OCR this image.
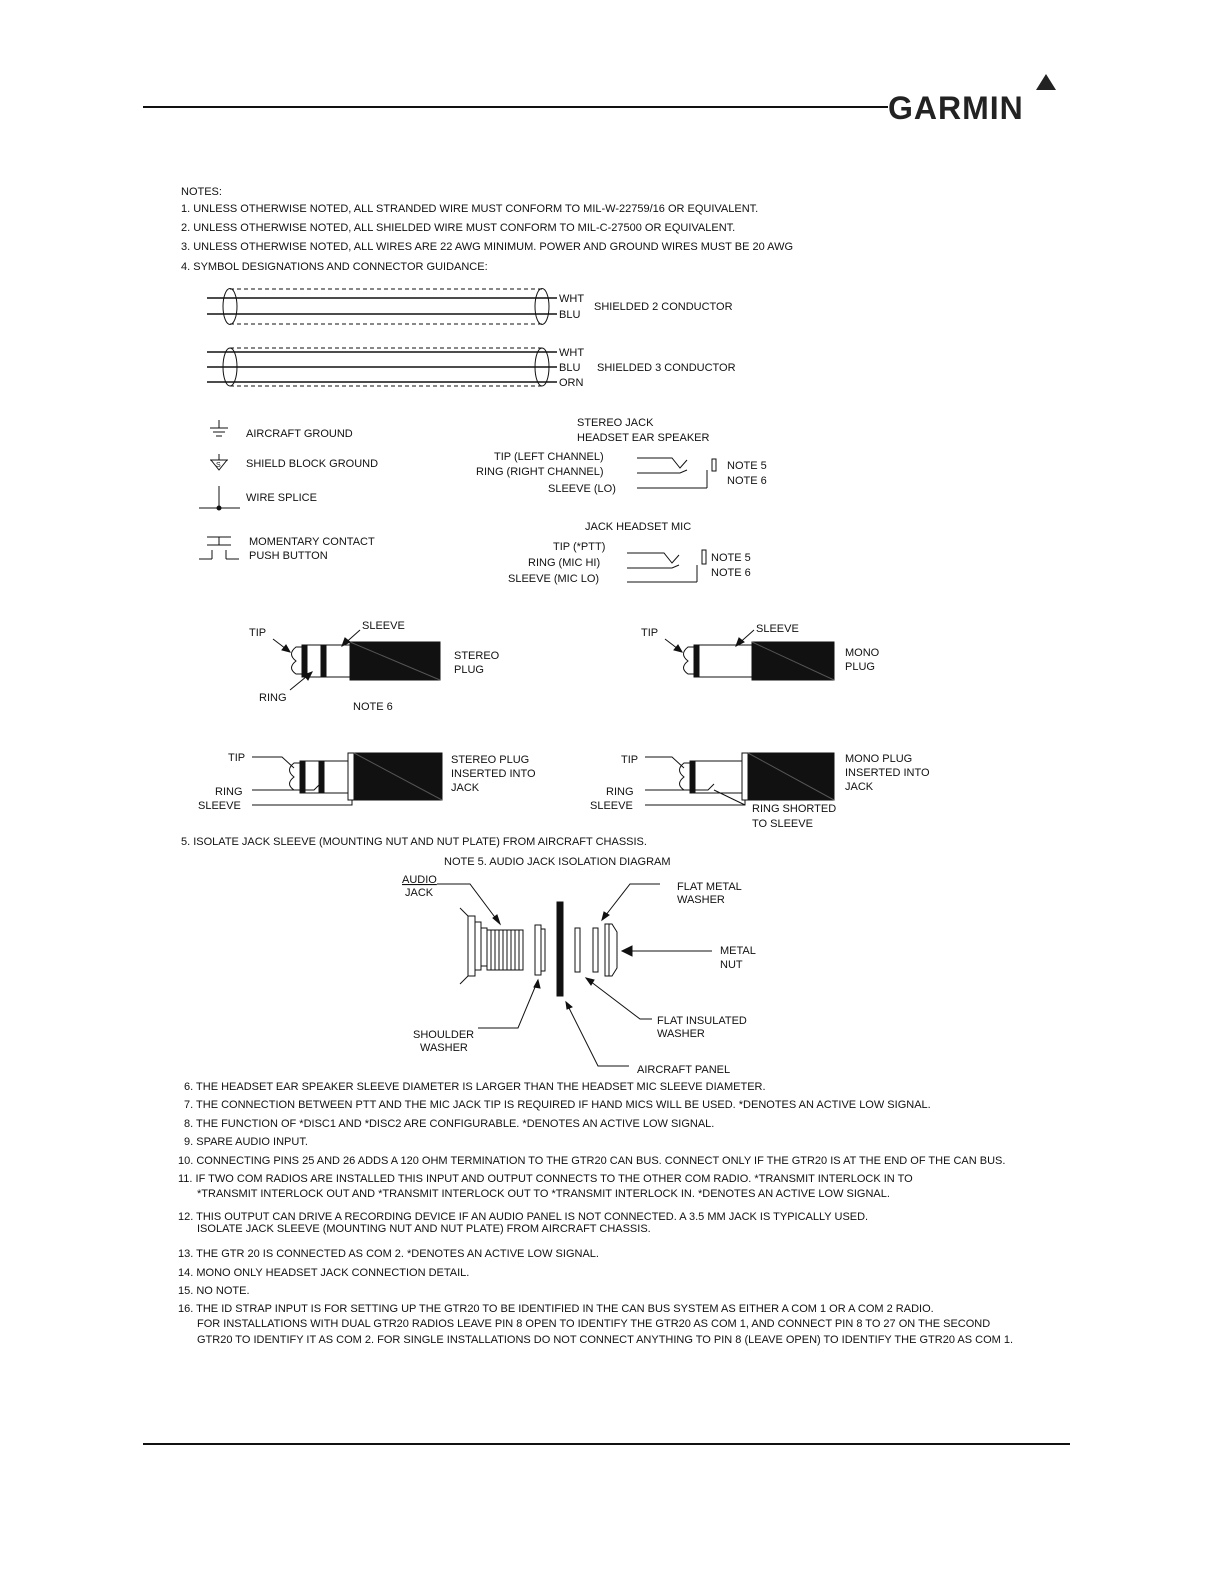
GARMIN
NOTES:
1. UNLESS OTHERWISE NOTED, ALL STRANDED WIRE MUST CONFORM TO MIL-W-22759/16 OR EQUIVALENT.
2. UNLESS OTHERWISE NOTED, ALL SHIELDED WIRE MUST CONFORM TO MIL-C-27500 OR EQUIVALENT.
3. UNLESS OTHERWISE NOTED, ALL WIRES ARE 22 AWG MINIMUM. POWER AND GROUND WIRES MUST BE 20 AWG
4. SYMBOL DESIGNATIONS AND CONNECTOR GUIDANCE:
WHT
BLU
SHIELDED 2 CONDUCTOR
WHT
BLU
ORN
SHIELDED 3 CONDUCTOR
AIRCRAFT GROUND
S SHIELD BLOCK GROUND
WIRE SPLICE
MOMENTARY CONTACT
PUSH BUTTON
STEREO JACK
HEADSET EAR SPEAKER
TIP (LEFT CHANNEL)
RING (RIGHT CHANNEL)
SLEEVE (LO)
NOTE 5
NOTE 6
JACK HEADSET MIC
TIP (*PTT)
RING (MIC HI)
SLEEVE (MIC LO)
NOTE 5
NOTE 6
TIP
SLEEVE
RING
STEREO
PLUG
NOTE 6
TIP	SLEEVE
MONO
PLUG
TIP
RING
SLEEVE
STEREO PLUG
INSERTED INTO
JACK
TIP
RING
SLEEVE
MONO PLUG
INSERTED INTO
JACK
RING SHORTED
TO SLEEVE
5. ISOLATE JACK SLEEVE (MOUNTING NUT AND NUT PLATE) FROM AIRCRAFT CHASSIS.
NOTE 5. AUDIO JACK ISOLATION DIAGRAM
AUDIO
JACK	FLAT METAL
WASHER
METAL
NUT
FLAT INSULATED
WASHER
SHOULDER
WASHER
AIRCRAFT PANEL
6. THE HEADSET EAR SPEAKER SLEEVE DIAMETER IS LARGER THAN THE HEADSET MIC SLEEVE DIAMETER.
7. THE CONNECTION BETWEEN PTT AND THE MIC JACK TIP IS REQUIRED IF HAND MICS WILL BE USED. *DENOTES AN ACTIVE LOW SIGNAL.
8. THE FUNCTION OF *DISC1 AND *DISC2 ARE CONFIGURABLE. *DENOTES AN ACTIVE LOW SIGNAL.
9. SPARE AUDIO INPUT.
10. CONNECTING PINS 25 AND 26 ADDS A 120 OHM TERMINATION TO THE GTR20 CAN BUS. CONNECT ONLY IF THE GTR20 IS AT THE END OF THE CAN BUS.
11. IF TWO COM RADIOS ARE INSTALLED THIS INPUT AND OUTPUT CONNECTS TO THE OTHER COM RADIO. *TRANSMIT INTERLOCK IN TO
*TRANSMIT INTERLOCK OUT AND *TRANSMIT INTERLOCK OUT TO *TRANSMIT INTERLOCK IN. *DENOTES AN ACTIVE LOW SIGNAL.
12. THIS OUTPUT CAN DRIVE A RECORDING DEVICE IF AN AUDIO PANEL IS NOT CONNECTED. A 3.5 MM JACK IS TYPICALLY USED.
ISOLATE JACK SLEEVE (MOUNTING NUT AND NUT PLATE) FROM AIRCRAFT CHASSIS.
13. THE GTR 20 IS CONNECTED AS COM 2. *DENOTES AN ACTIVE LOW SIGNAL.
14. MONO ONLY HEADSET JACK CONNECTION DETAIL.
15. NO NOTE.
16. THE ID STRAP INPUT IS FOR SETTING UP THE GTR20 TO BE IDENTIFIED IN THE CAN BUS SYSTEM AS EITHER A COM 1 OR A COM 2 RADIO.
FOR INSTALLATIONS WITH DUAL GTR20 RADIOS LEAVE PIN 8 OPEN TO IDENTIFY THE GTR20 AS COM 1, AND CONNECT PIN 8 TO 27 ON THE SECOND
GTR20 TO IDENTIFY IT AS COM 2. FOR SINGLE INSTALLATIONS DO NOT CONNECT ANYTHING TO PIN 8 (LEAVE OPEN) TO IDENTIFY THE GTR20 AS COM 1.
